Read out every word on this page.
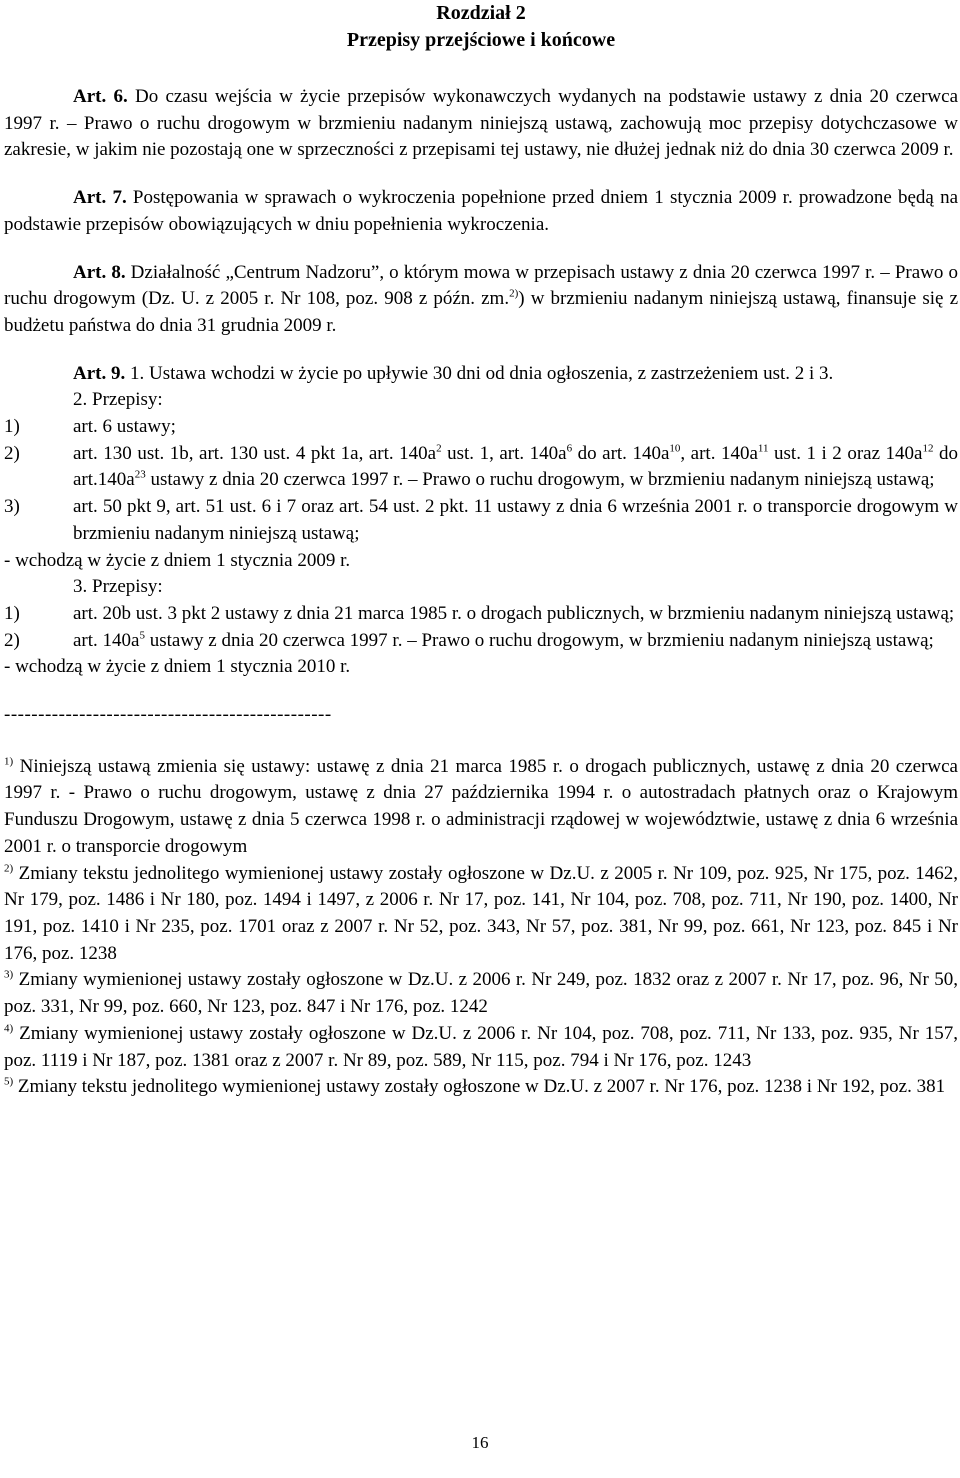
Rozdział 2
Przepisy przejściowe i końcowe

Art. 6. Do czasu wejścia w życie przepisów wykonawczych wydanych na podstawie ustawy z dnia 20 czerwca 1997 r. – Prawo o ruchu drogowym w brzmieniu nadanym niniejszą ustawą, zachowują moc przepisy dotychczasowe w zakresie, w jakim nie pozostają one w sprzeczności z przepisami tej ustawy, nie dłużej jednak niż do dnia 30 czerwca 2009 r.

Art. 7. Postępowania w sprawach o wykroczenia popełnione przed dniem 1 stycznia 2009 r. prowadzone będą na podstawie przepisów obowiązujących w dniu popełnienia wykroczenia.

Art. 8. Działalność „Centrum Nadzoru”, o którym mowa w przepisach ustawy z dnia 20 czerwca 1997 r. – Prawo o ruchu drogowym (Dz. U. z 2005 r. Nr 108, poz. 908 z późn. zm.$^{2)}$) w brzmieniu nadanym niniejszą ustawą, finansuje się z budżetu państwa do dnia 31 grudnia 2009 r.

Art. 9. 1. Ustawa wchodzi w życie po upływie 30 dni od dnia ogłoszenia, z zastrzeżeniem ust. 2 i 3.

2. Przepisy:
1)	art. 6 ustawy;
2)	art. 130 ust. 1b, art. 130 ust. 4 pkt 1a, art. $140a^2$ ust. 1, art. $140a^6$ do art. $140a^{10}$, art. $140a^{11}$ ust. 1 i 2 oraz $140a^{12}$ do $art.140a^{23}$ ustawy z dnia 20 czerwca 1997 r. – Prawo o ruchu drogowym, w brzmieniu nadanym niniejszą ustawą;
3)	art. 50 pkt 9, art. 51 ust. 6 i 7 oraz art. 54 ust. 2 pkt. 11 ustawy z dnia 6 września 2001 r. o transporcie drogowym w brzmieniu nadanym niniejszą ustawą;
- wchodzą w życie z dniem 1 stycznia 2009 r.
3. Przepisy:
1)	art. 20b ust. 3 pkt 2 ustawy z dnia 21 marca 1985 r. o drogach publicznych, w brzmieniu nadanym niniejszą ustawą;
2)	art. $140a^5$ ustawy z dnia 20 czerwca 1997 r. – Prawo o ruchu drogowym, w brzmieniu nadanym niniejszą ustawą;
- wchodzą w życie z dniem 1 stycznia 2010 r.
------------------------------------------------

$^{1)}$ Niniejszą ustawą zmienia się ustawy: ustawę z dnia 21 marca 1985 r. o drogach publicznych, ustawę z dnia 20 czerwca 1997 r. - Prawo o ruchu drogowym, ustawę z dnia 27 października 1994 r. o autostradach płatnych oraz o Krajowym Funduszu Drogowym, ustawę z dnia 5 czerwca 1998 r. o administracji rządowej w województwie, ustawę z dnia 6 września 2001 r. o transporcie drogowym

$^{2)}$ Zmiany tekstu jednolitego wymienionej ustawy zostały ogłoszone w Dz.U. z 2005 r. Nr 109, poz. 925, Nr 175, poz. 1462, Nr 179, poz. 1486 i Nr 180, poz. 1494 i 1497, z 2006 r. Nr 17, poz. 141, Nr 104, poz. 708, poz. 711, Nr 190, poz. 1400, Nr 191, poz. 1410 i Nr 235, poz. 1701 oraz z 2007 r. Nr 52, poz. 343, Nr 57, poz. 381, Nr 99, poz. 661, Nr 123, poz. 845 i Nr 176, poz. 1238

$^{3)}$ Zmiany wymienionej ustawy zostały ogłoszone w Dz.U. z 2006 r. Nr 249, poz. 1832 oraz z 2007 r. Nr 17, poz. 96, Nr 50, poz. 331, Nr 99, poz. 660, Nr 123, poz. 847 i Nr 176, poz. 1242

$^{4)}$ Zmiany wymienionej ustawy zostały ogłoszone w Dz.U. z 2006 r. Nr 104, poz. 708, poz. 711, Nr 133, poz. 935, Nr 157, poz. 1119 i Nr 187, poz. 1381 oraz z 2007 r. Nr 89, poz. 589, Nr 115, poz. 794 i Nr 176, poz. 1243

$^{5)}$ Zmiany tekstu jednolitego wymienionej ustawy zostały ogłoszone w Dz.U. z 2007 r. Nr 176, poz. 1238 i Nr 192, poz. 381

16
